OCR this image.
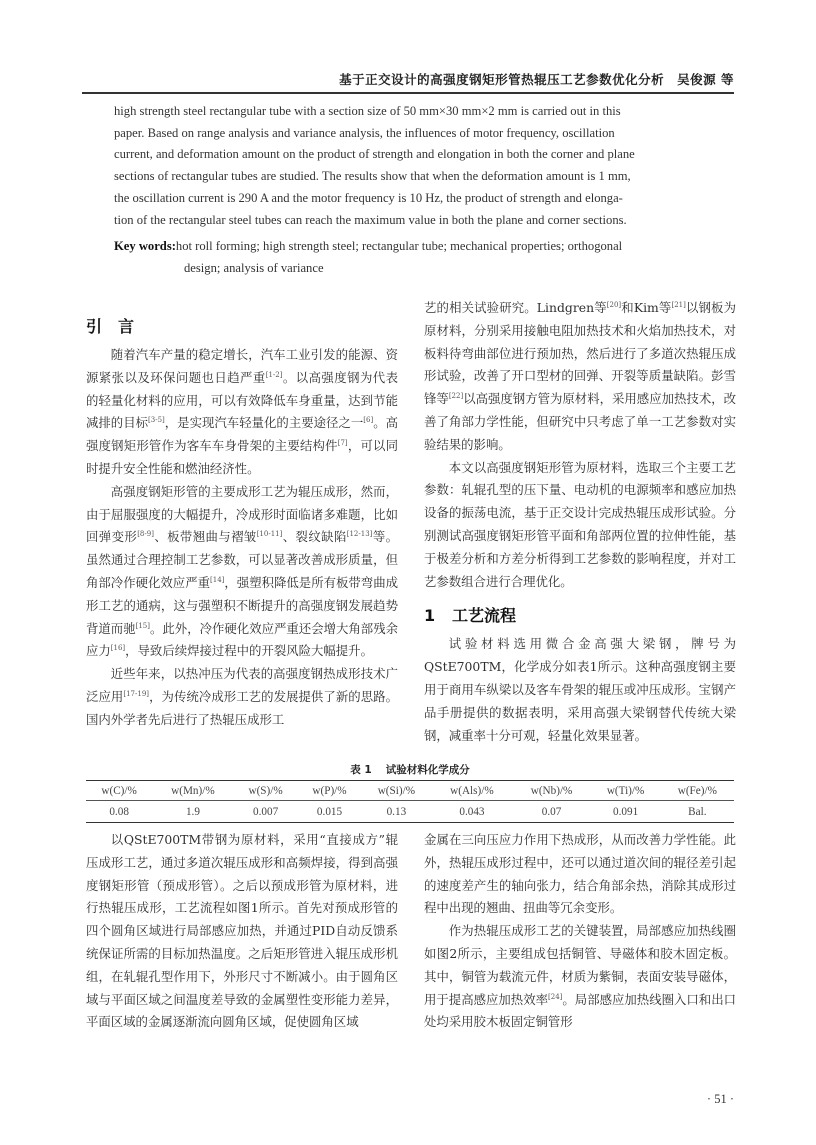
基于正交设计的高强度钢矩形管热辊压工艺参数优化分析　吴俊源 等

high strength steel rectangular tube with a section size of 50 mm×30 mm×2 mm is carried out in this

paper. Based on range analysis and variance analysis, the influences of motor frequency, oscillation

current, and deformation amount on the product of strength and elongation in both the corner and plane

sections of rectangular tubes are studied. The results show that when the deformation amount is 1 mm,

the oscillation current is 290 A and the motor frequency is 10 Hz, the product of strength and elonga-

tion of the rectangular steel tubes can reach the maximum value in both the plane and corner sections.

Key words:hot roll forming; high strength steel; rectangular tube; mechanical properties; orthogonal
design; analysis of variance
引　言

随着汽车产量的稳定增长，汽车工业引发的能源、资源紧张以及环保问题也日趋严重[1-2]。以高强度钢为代表的轻量化材料的应用，可以有效降低车身重量，达到节能减排的目标[3-5]，是实现汽车轻量化的主要途径之一[6]。高强度钢矩形管作为客车车身骨架的主要结构件[7]，可以同时提升安全性能和燃油经济性。

高强度钢矩形管的主要成形工艺为辊压成形，然而，由于屈服强度的大幅提升，冷成形时面临诸多难题，比如回弹变形[8-9]、板带翘曲与褶皱[10-11]、裂纹缺陷[12-13]等。虽然通过合理控制工艺参数，可以显著改善成形质量，但角部冷作硬化效应严重[14]，强塑积降低是所有板带弯曲成形工艺的通病，这与强塑积不断提升的高强度钢发展趋势背道而驰[15]。此外，冷作硬化效应严重还会增大角部残余应力[16]，导致后续焊接过程中的开裂风险大幅提升。

近些年来，以热冲压为代表的高强度钢热成形技术广泛应用[17-19]，为传统冷成形工艺的发展提供了新的思路。国内外学者先后进行了热辊压成形工

艺的相关试验研究。Lindgren等[20]和Kim等[21]以钢板为原材料，分别采用接触电阻加热技术和火焰加热技术，对板料待弯曲部位进行预加热，然后进行了多道次热辊压成形试验，改善了开口型材的回弹、开裂等质量缺陷。彭雪锋等[22]以高强度钢方管为原材料，采用感应加热技术，改善了角部力学性能，但研究中只考虑了单一工艺参数对实验结果的影响。

本文以高强度钢矩形管为原材料，选取三个主要工艺参数：轧辊孔型的压下量、电动机的电源频率和感应加热设备的振荡电流，基于正交设计完成热辊压成形试验。分别测试高强度钢矩形管平面和角部两位置的拉伸性能，基于极差分析和方差分析得到工艺参数的影响程度，并对工艺参数组合进行合理优化。

1 工艺流程

试验材料选用微合金高强大梁钢，牌号为QStE700TM，化学成分如表1所示。这种高强度钢主要用于商用车纵梁以及客车骨架的辊压或冲压成形。宝钢产品手册提供的数据表明，采用高强大梁钢替代传统大梁钢，减重率十分可观，轻量化效果显著。

表 1 试验材料化学成分
w(C)/%	w(Mn)/%	w(S)/%	w(P)/%	w(Si)/%	w(Als)/%	w(Nb)/%	w(Ti)/%	w(Fe)/%
0.08	1.9	0.007	0.015	0.13	0.043	0.07	0.091	Bal.

以QStE700TM带钢为原材料，采用“直接成方”辊压成形工艺，通过多道次辊压成形和高频焊接，得到高强度钢矩形管（预成形管）。之后以预成形管为原材料，进行热辊压成形，工艺流程如图1所示。首先对预成形管的四个圆角区域进行局部感应加热，并通过PID自动反馈系统保证所需的目标加热温度。之后矩形管进入辊压成形机组，在轧辊孔型作用下，外形尺寸不断减小。由于圆角区域与平面区域之间温度差导致的金属塑性变形能力差异，平面区域的金属逐渐流向圆角区域，促使圆角区域

金属在三向压应力作用下热成形，从而改善力学性能。此外，热辊压成形过程中，还可以通过道次间的辊径差引起的速度差产生的轴向张力，结合角部余热，消除其成形过程中出现的翘曲、扭曲等冗余变形。

作为热辊压成形工艺的关键装置，局部感应加热线圈如图2所示，主要组成包括铜管、导磁体和胶木固定板。其中，铜管为载流元件，材质为紫铜，表面安装导磁体，用于提高感应加热效率[24]。局部感应加热线圈入口和出口处均采用胶木板固定铜管形

· 51 ·
